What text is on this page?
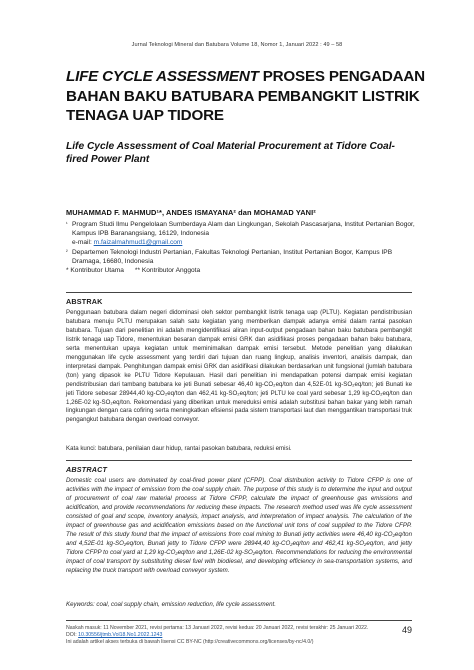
Jurnal Teknologi Mineral dan Batubara Volume 18, Nomor 1, Januari 2022 : 49 – 58
LIFE CYCLE ASSESSMENT PROSES PENGADAAN BAHAN BAKU BATUBARA PEMBANGKIT LISTRIK TENAGA UAP TIDORE
Life Cycle Assessment of Coal Material Procurement at Tidore Coal-fired Power Plant
MUHAMMAD F. MAHMUD¹*, ANDES ISMAYANA² dan MOHAMAD YANI²
¹ Program Studi Ilmu Pengelolaan Sumberdaya Alam dan Lingkungan, Sekolah Pascasarjana, Institut Pertanian Bogor, Kampus IPB Baranangsiang, 16129, Indonesia
e-mail: m.faizalmahmud1@gmail.com
² Departemen Teknologi Industri Pertanian, Fakultas Teknologi Pertanian, Institut Pertanian Bogor, Kampus IPB Dramaga, 16680, Indonesia
* Kontributor Utama      ** Kontributor Anggota
ABSTRAK
Penggunaan batubara dalam negeri didominasi oleh sektor pembangkit listrik tenaga uap (PLTU). Kegiatan pendistribusian batubara menuju PLTU merupakan salah satu kegiatan yang memberikan dampak adanya emisi dalam rantai pasokan batubara. Tujuan dari penelitian ini adalah mengidentifikasi aliran input-output pengadaan bahan baku batubara pembangkit listrik tenaga uap Tidore, menentukan besaran dampak emisi GRK dan asidifikasi proses pengadaan bahan baku batubara, serta menentukan upaya kegiatan untuk meminimalkan dampak emisi tersebut. Metode penelitian yang dilakukan menggunakan life cycle assessment yang terdiri dari tujuan dan ruang lingkup, analisis inventori, analisis dampak, dan interpretasi dampak. Penghitungan dampak emisi GRK dan asidifikasi dilakukan berdasarkan unit fungsional (jumlah batubara (ton) yang dipasok ke PLTU Tidore Kepulauan. Hasil dari penelitian ini mendapatkan potensi dampak emisi kegiatan pendistribusian dari tambang batubara ke jeti Bunati sebesar 46,40 kg-CO₂eq/ton dan 4,52E-01 kg-SO₂eq/ton; jeti Bunati ke jeti Tidore sebesar 28944,40 kg-CO₂eq/ton dan 462,41 kg-SO₂eq/ton; jeti PLTU ke coal yard sebesar 1,29 kg-CO₂eq/ton dan 1,26E-02 kg-SO₂eq/ton. Rekomendasi yang diberikan untuk mereduksi emisi adalah substitusi bahan bakar yang lebih ramah lingkungan dengan cara cofiring serta meningkatkan efisiensi pada sistem transportasi laut dan menggantikan transportasi truk pengangkut batubara dengan overload conveyor.
Kata kunci: batubara, penilaian daur hidup, rantai pasokan batubara, reduksi emisi.
ABSTRACT
Domestic coal users are dominated by coal-fired power plant (CFPP). Coal distribution activity to Tidore CFPP is one of activities with the impact of emission from the coal supply chain. The purpose of this study is to determine the input and output of procurement of coal raw material process at Tidore CFPP, calculate the impact of greenhouse gas emissions and acidification, and provide recommendations for reducing these impacts. The research method used was life cycle assessment consisted of goal and scope, inventory analysis, impact analysis, and interpretation of impact analysis. The calculation of the impact of greenhouse gas and acidification emissions based on the functional unit tons of coal supplied to the Tidore CFPP. The result of this study found that the impact of emissions from coal mining to Bunati jetty activities were 46,40 kg-CO₂eq/ton and 4,52E-01 kg-SO₂eq/ton, Bunati jetty to Tidore CFPP were 28944,40 kg-CO₂eq/ton and 462,41 kg-SO₂eq/ton, and jetty Tidore CFPP to coal yard at 1,29 kg-CO₂eq/ton and 1,26E-02 kg-SO₂eq/ton. Recommendations for reducing the environmental impact of coal transport by substituting diesel fuel with biodiesel, and developing efficiency in sea-transportation systems, and replacing the truck transport with overload conveyor system.
Keywords: coal, coal supply chain, emission reduction, life cycle assessment.
Naskah masuk: 11 November 2021, revisi pertama: 13 Januari 2022, revisi kedua: 20 Januari 2022, revisi terakhir: 25 Januari 2022.
DOI: 10.30556/jtmb.Vol18.No1.2022.1243
Ini adalah artikel akses terbuka di bawah lisensi CC BY-NC (http://creativecommons.org/licenses/by-nc/4.0/)
49
